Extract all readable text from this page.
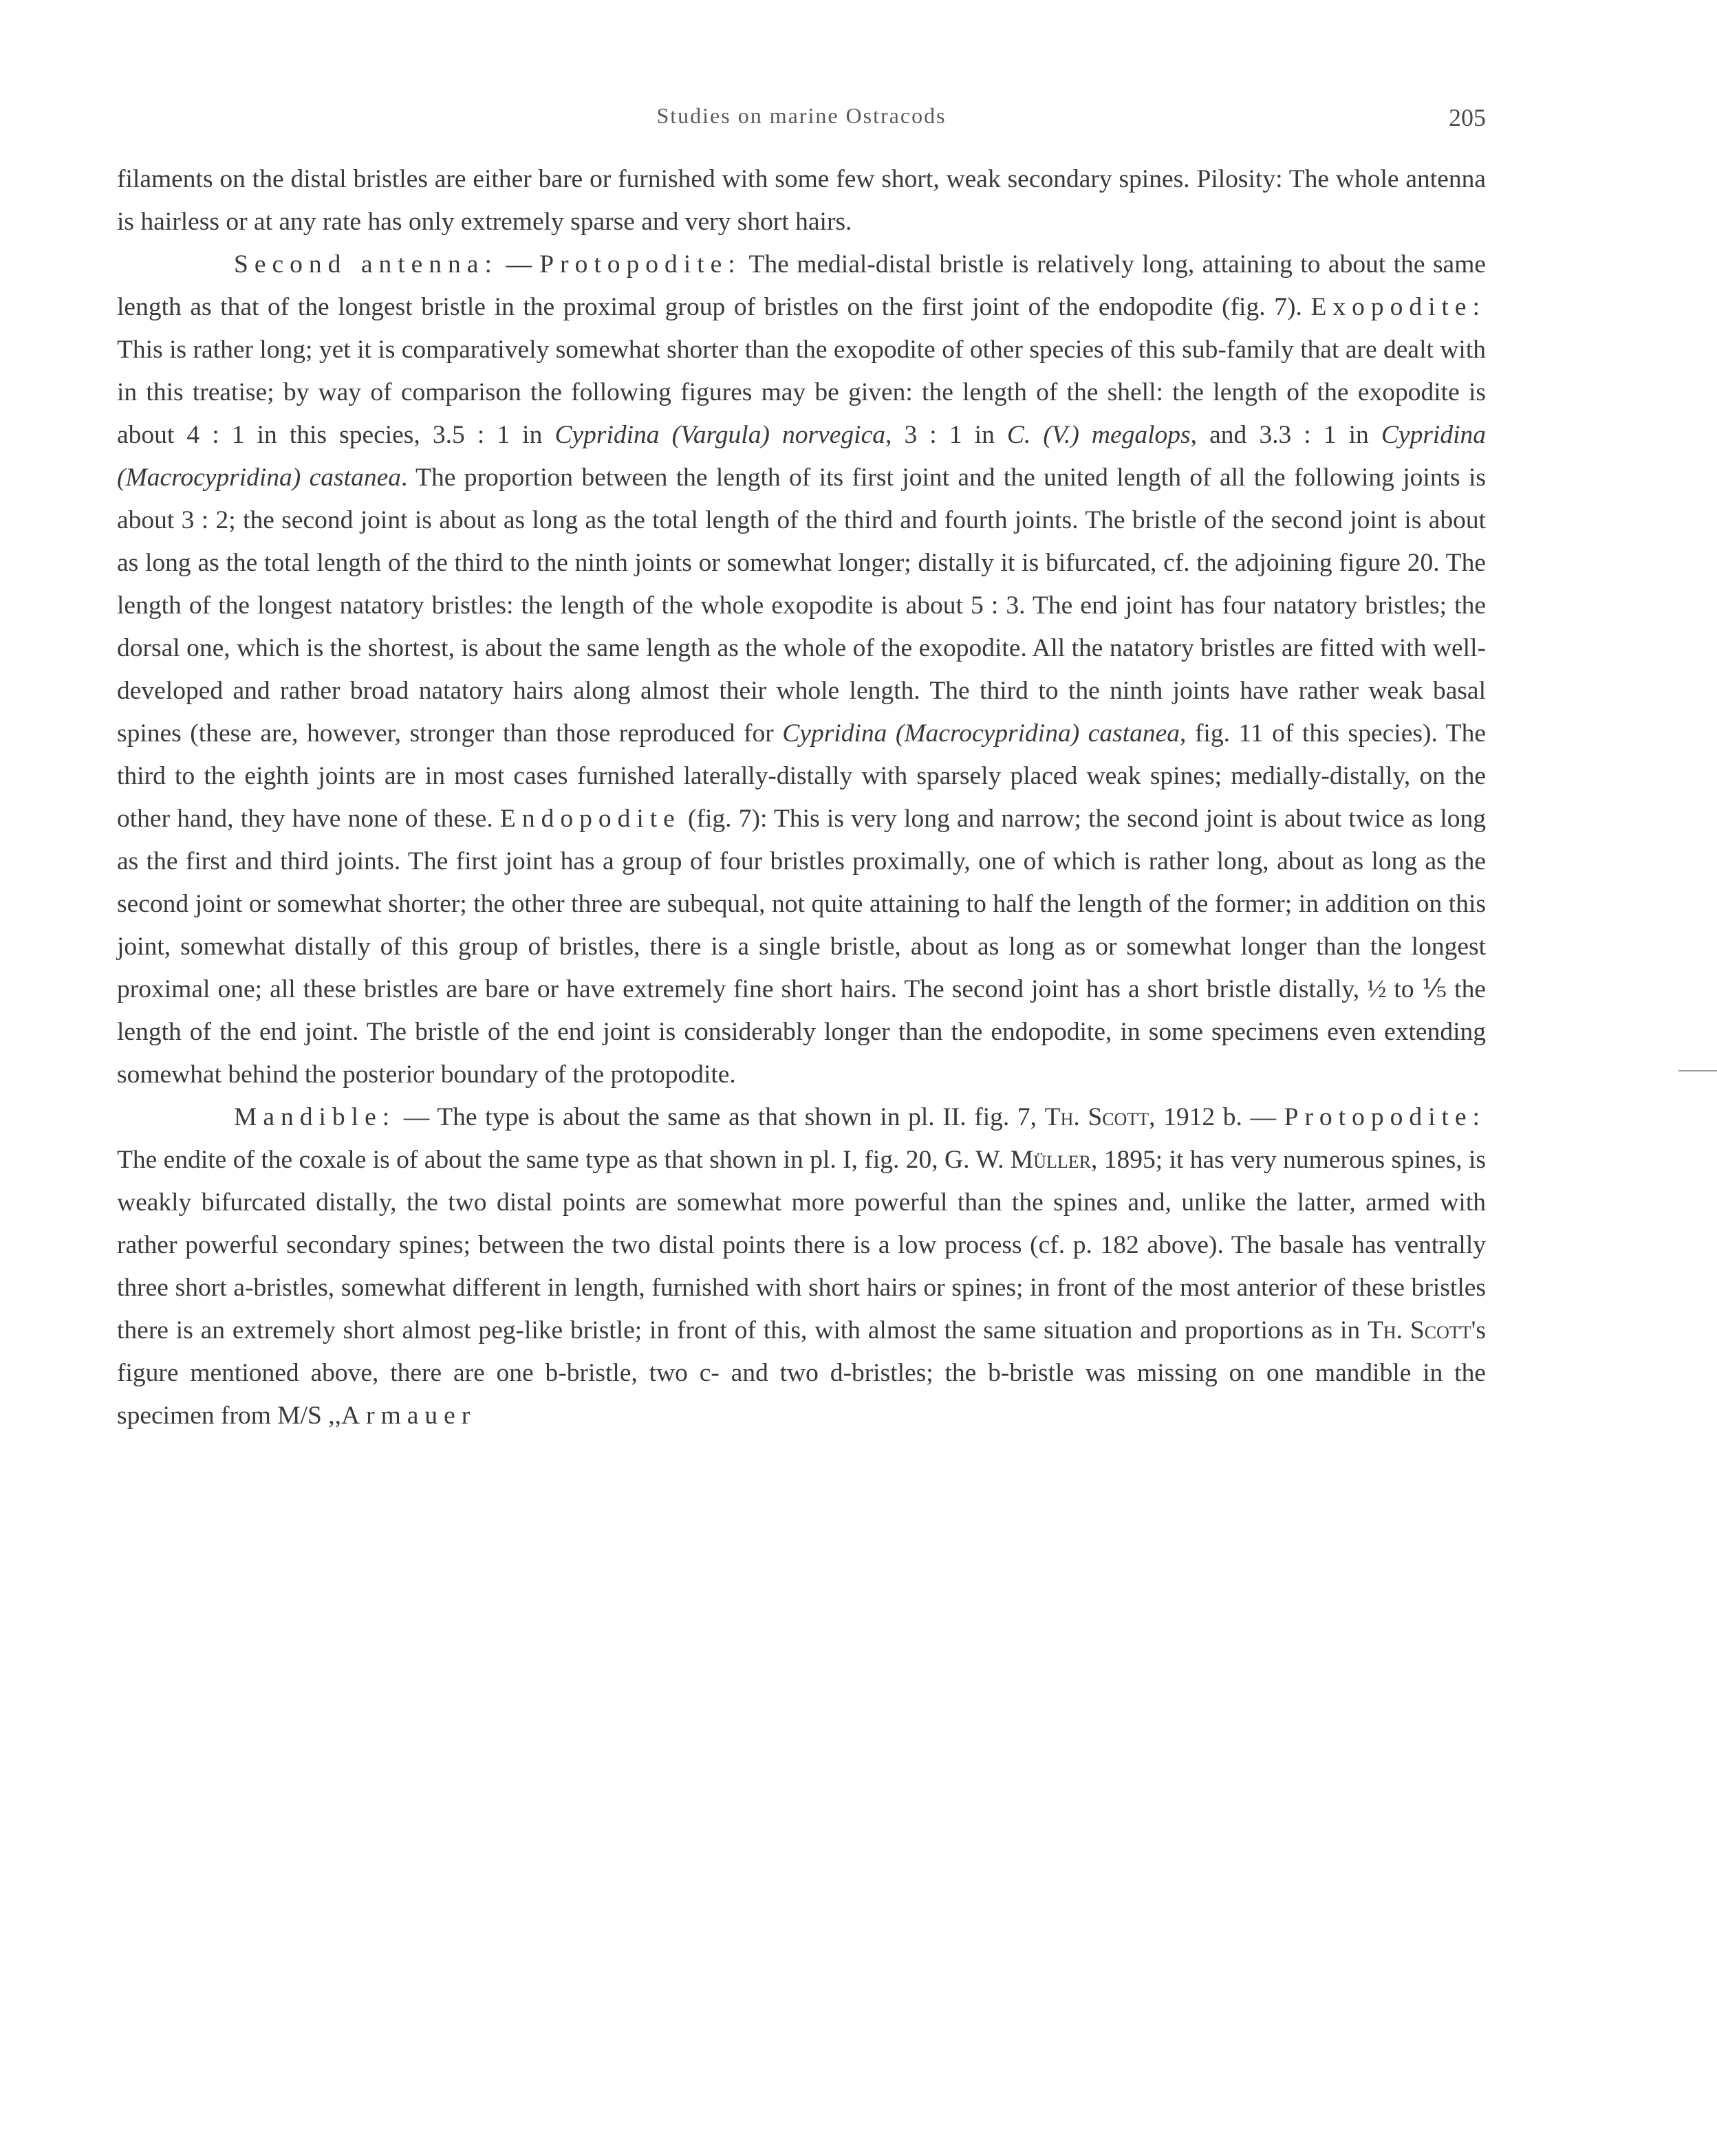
Studies on marine Ostracods	205

filaments on the distal bristles are either bare or furnished with some few short, weak secondary spines. Pilosity: The whole antenna is hairless or at any rate has only extremely sparse and very short hairs.

Second antenna: — Protopodite: The medial-distal bristle is relatively long, attaining to about the same length as that of the longest bristle in the proximal group of bristles on the first joint of the endopodite (fig. 7). Exopodite: This is rather long; yet it is comparatively somewhat shorter than the exopodite of other species of this sub-family that are dealt with in this treatise; by way of comparison the following figures may be given: the length of the shell: the length of the exopodite is about 4 : 1 in this species, 3.5 : 1 in Cypridina (Vargula) norvegica, 3 : 1 in C. (V.) megalops, and 3.3 : 1 in Cypridina (Macrocypridina) castanea. The proportion between the length of its first joint and the united length of all the following joints is about 3 : 2; the second joint is about as long as the total length of the third and fourth joints. The bristle of the second joint is about as long as the total length of the third to the ninth joints or somewhat longer; distally it is bifurcated, cf. the adjoining figure 20. The length of the longest natatory bristles: the length of the whole exopodite is about 5 : 3. The end joint has four natatory bristles; the dorsal one, which is the shortest, is about the same length as the whole of the exopodite. All the natatory bristles are fitted with well-developed and rather broad natatory hairs along almost their whole length. The third to the ninth joints have rather weak basal spines (these are, however, stronger than those reproduced for Cypridina (Macrocypridina) castanea, fig. 11 of this species). The third to the eighth joints are in most cases furnished laterally-distally with sparsely placed weak spines; medially-distally, on the other hand, they have none of these. Endopodite (fig. 7): This is very long and narrow; the second joint is about twice as long as the first and third joints. The first joint has a group of four bristles proximally, one of which is rather long, about as long as the second joint or somewhat shorter; the other three are subequal, not quite attaining to half the length of the former; in addition on this joint, somewhat distally of this group of bristles, there is a single bristle, about as long as or somewhat longer than the longest proximal one; all these bristles are bare or have extremely fine short hairs. The second joint has a short bristle distally, ½ to ⅕ the length of the end joint. The bristle of the end joint is considerably longer than the endopodite, in some specimens even extending somewhat behind the posterior boundary of the protopodite.

Mandible: — The type is about the same as that shown in pl. II. fig. 7, Th. Scott, 1912 b. — Protopodite: The endite of the coxale is of about the same type as that shown in pl. I, fig. 20, G. W. Müller, 1895; it has very numerous spines, is weakly bifurcated distally, the two distal points are somewhat more powerful than the spines and, unlike the latter, armed with rather powerful secondary spines; between the two distal points there is a low process (cf. p. 182 above). The basale has ventrally three short a-bristles, somewhat different in length, furnished with short hairs or spines; in front of the most anterior of these bristles there is an extremely short almost peg-like bristle; in front of this, with almost the same situation and proportions as in Th. Scott's figure mentioned above, there are one b-bristle, two c- and two d-bristles; the b-bristle was missing on one mandible in the specimen from M/S ,,Armauer
